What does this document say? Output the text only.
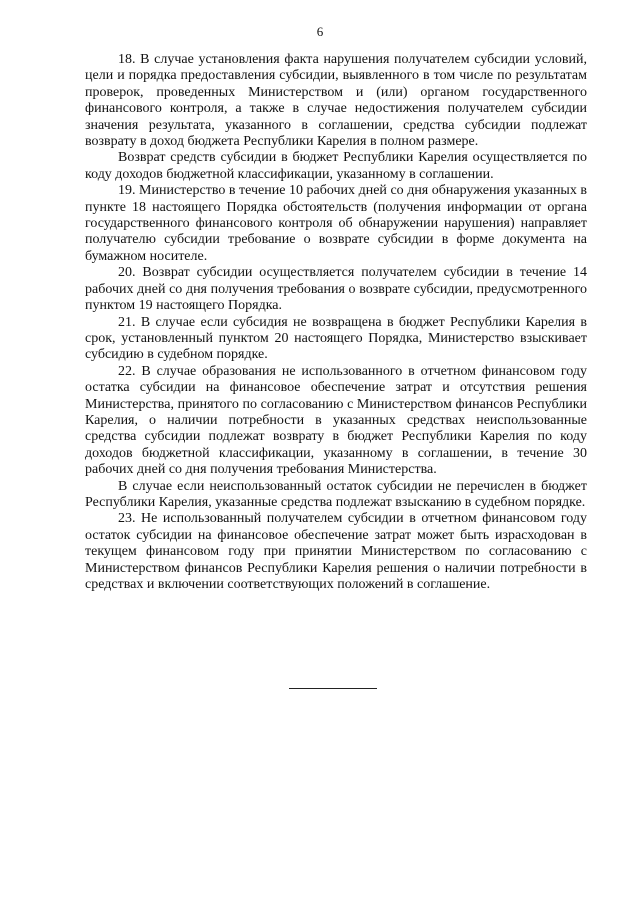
6

18. В случае установления факта нарушения получателем субсидии условий, цели и порядка предоставления субсидии, выявленного в том числе по результатам проверок, проведенных Министерством и (или) органом государственного финансового контроля, а также в случае недостижения получателем субсидии значения результата, указанного в соглашении, средства субсидии подлежат возврату в доход бюджета Республики Карелия в полном размере.

Возврат средств субсидии в бюджет Республики Карелия осуществляется по коду доходов бюджетной классификации, указанному в соглашении.

19. Министерство в течение 10 рабочих дней со дня обнаружения указанных в пункте 18 настоящего Порядка обстоятельств (получения информации от органа государственного финансового контроля об обнаружении нарушения) направляет получателю субсидии требование о возврате субсидии в форме документа на бумажном носителе.

20. Возврат субсидии осуществляется получателем субсидии в течение 14 рабочих дней со дня получения требования о возврате субсидии, предусмотренного пунктом 19 настоящего Порядка.

21. В случае если субсидия не возвращена в бюджет Республики Карелия в срок, установленный пунктом 20 настоящего Порядка, Министерство взыскивает субсидию в судебном порядке.

22. В случае образования не использованного в отчетном финансовом году остатка субсидии на финансовое обеспечение затрат и отсутствия решения Министерства, принятого по согласованию с Министерством финансов Республики Карелия, о наличии потребности в указанных средствах неиспользованные средства субсидии подлежат возврату в бюджет Республики Карелия по коду доходов бюджетной классификации, указанному в соглашении, в течение 30 рабочих дней со дня получения требования Министерства.

В случае если неиспользованный остаток субсидии не перечислен в бюджет Республики Карелия, указанные средства подлежат взысканию в судебном порядке.

23. Не использованный получателем субсидии в отчетном финансовом году остаток субсидии на финансовое обеспечение затрат может быть израсходован в текущем финансовом году при принятии Министерством по согласованию с Министерством финансов Республики Карелия решения о наличии потребности в средствах и включении соответствующих положений в соглашение.
